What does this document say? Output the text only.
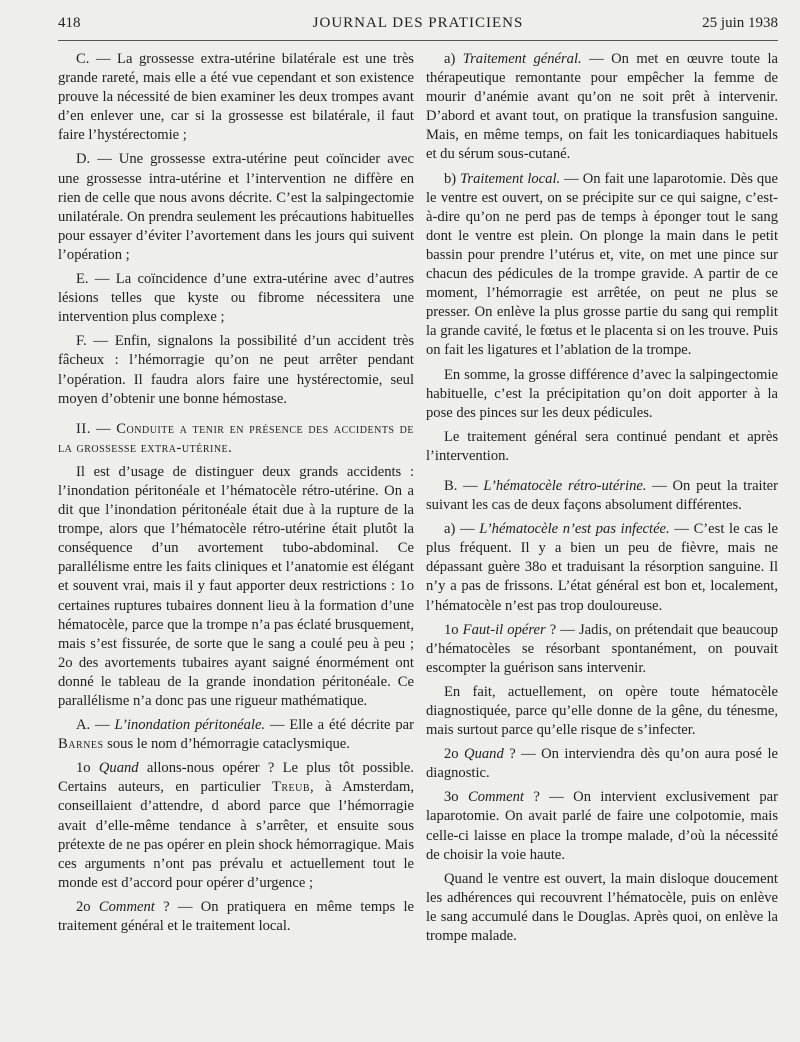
418	JOURNAL DES PRATICIENS	25 juin 1938

C. — La grossesse extra-utérine bilatérale est une très grande rareté, mais elle a été vue cependant et son existence prouve la nécessité de bien examiner les deux trompes avant d’en enlever une, car si la grossesse est bilatérale, il faut faire l’hystérectomie ;

D. — Une grossesse extra-utérine peut coïncider avec une grossesse intra-utérine et l’intervention ne diffère en rien de celle que nous avons décrite. C’est la salpingectomie unilatérale. On prendra seulement les précautions habituelles pour essayer d’éviter l’avortement dans les jours qui suivent l’opération ;

E. — La coïncidence d’une extra-utérine avec d’autres lésions telles que kyste ou fibrome nécessitera une intervention plus complexe ;

F. — Enfin, signalons la possibilité d’un accident très fâcheux : l’hémorragie qu’on ne peut arrêter pendant l’opération. Il faudra alors faire une hystérectomie, seul moyen d’obtenir une bonne hémostase.

II. — Conduite a tenir en présence des accidents de la grossesse extra-utérine.

Il est d’usage de distinguer deux grands accidents : l’inondation péritonéale et l’hématocèle rétro-utérine. On a dit que l’inondation péritonéale était due à la rupture de la trompe, alors que l’hématocèle rétro-utérine était plutôt la conséquence d’un avortement tubo-abdominal. Ce parallélisme entre les faits cliniques et l’anatomie est élégant et souvent vrai, mais il y faut apporter deux restrictions : 1o certaines ruptures tubaires donnent lieu à la formation d’une hématocèle, parce que la trompe n’a pas éclaté brusquement, mais s’est fissurée, de sorte que le sang a coulé peu à peu ; 2o des avortements tubaires ayant saigné énormément ont donné le tableau de la grande inondation péritonéale. Ce parallélisme n’a donc pas une rigueur mathématique.

A. — L’inondation péritonéale. — Elle a été décrite par Barnes sous le nom d’hémorragie cataclysmique.

1o Quand allons-nous opérer ? Le plus tôt possible. Certains auteurs, en particulier Treub, à Amsterdam, conseillaient d’attendre, d abord parce que l’hémorragie avait d’elle-même tendance à s’arrêter, et ensuite sous prétexte de ne pas opérer en plein shock hémorragique. Mais ces arguments n’ont pas prévalu et actuellement tout le monde est d’accord pour opérer d’urgence ;

2o Comment ? — On pratiquera en même temps le traitement général et le traitement local.

a) Traitement général. — On met en œuvre toute la thérapeutique remontante pour empêcher la femme de mourir d’anémie avant qu’on ne soit prêt à intervenir. D’abord et avant tout, on pratique la transfusion sanguine. Mais, en même temps, on fait les tonicardiaques habituels et du sérum sous-cutané.

b) Traitement local. — On fait une laparotomie. Dès que le ventre est ouvert, on se précipite sur ce qui saigne, c’est-à-dire qu’on ne perd pas de temps à éponger tout le sang dont le ventre est plein. On plonge la main dans le petit bassin pour prendre l’utérus et, vite, on met une pince sur chacun des pédicules de la trompe gravide. A partir de ce moment, l’hémorragie est arrêtée, on peut ne plus se presser. On enlève la plus grosse partie du sang qui remplit la grande cavité, le fœtus et le placenta si on les trouve. Puis on fait les ligatures et l’ablation de la trompe.

En somme, la grosse différence d’avec la salpingectomie habituelle, c’est la précipitation qu’on doit apporter à la pose des pinces sur les deux pédicules.

Le traitement général sera continué pendant et après l’intervention.

B. — L’hématocèle rétro-utérine. — On peut la traiter suivant les cas de deux façons absolument différentes.

a) — L’hématocèle n’est pas infectée. — C’est le cas le plus fréquent. Il y a bien un peu de fièvre, mais ne dépassant guère 38o et traduisant la résorption sanguine. Il n’y a pas de frissons. L’état général est bon et, localement, l’hématocèle n’est pas trop douloureuse.

1o Faut-il opérer ? — Jadis, on prétendait que beaucoup d’hématocèles se résorbant spontanément, on pouvait escompter la guérison sans intervenir.

En fait, actuellement, on opère toute hématocèle diagnostiquée, parce qu’elle donne de la gêne, du ténesme, mais surtout parce qu’elle risque de s’infecter.

2o Quand ? — On interviendra dès qu’on aura posé le diagnostic.

3o Comment ? — On intervient exclusivement par laparotomie. On avait parlé de faire une colpotomie, mais celle-ci laisse en place la trompe malade, d’où la nécessité de choisir la voie haute.

Quand le ventre est ouvert, la main disloque doucement les adhérences qui recouvrent l’hématocèle, puis on enlève le sang accumulé dans le Douglas. Après quoi, on enlève la trompe malade.
